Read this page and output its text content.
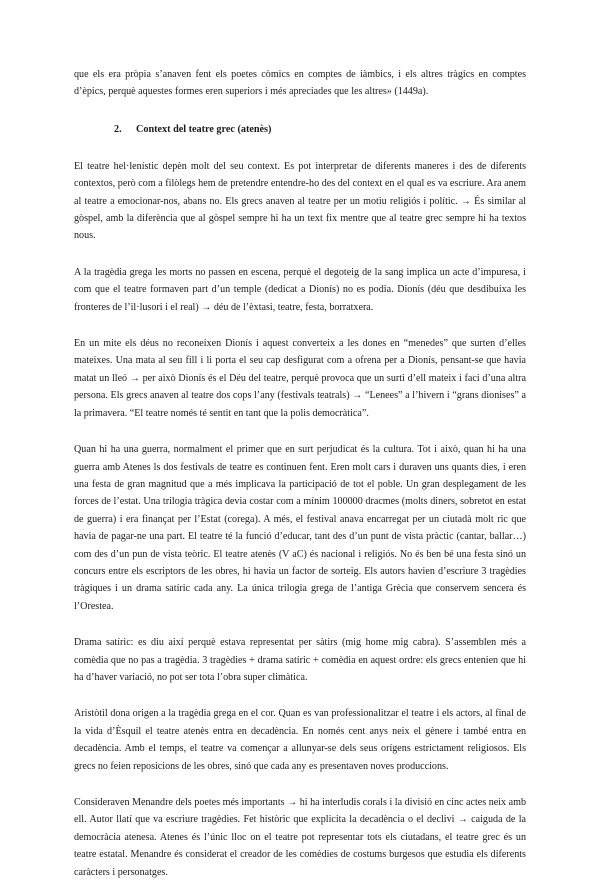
que els era pròpia s’anaven fent els poetes còmics en comptes de iàmbics, i els altres tràgics en comptes d’èpics, perquè aquestes formes eren superiors i més apreciades que les altres» (1449a).

2. Context del teatre grec (atenès)

El teatre hel·lenístic depèn molt del seu context. Es pot interpretar de diferents maneres i des de diferents contextos, però com a filòlegs hem de pretendre entendre-ho des del context en el qual es va escriure. Ara anem al teatre a emocionar-nos, abans no. Els grecs anaven al teatre per un motiu religiós i polític. → És similar al gòspel, amb la diferència que al gòspel sempre hi ha un text fix mentre que al teatre grec sempre hi ha textos nous.

A la tragèdia grega les morts no passen en escena, perquè el degoteig de la sang implica un acte d’impuresa, i com que el teatre formaven part d’un temple (dedicat a Dionís) no es podia. Dionís (déu que desdibuixa les fronteres de l’il·lusori i el real) → déu de l’èxtasi, teatre, festa, borratxera.

En un mite els déus no reconeixen Dionís i aquest converteix a les dones en “menedes” que surten d’elles mateixes. Una mata al seu fill i li porta el seu cap desfigurat com a ofrena per a Dionís, pensant-se que havia matat un lleó → per això Dionís és el Déu del teatre, perquè provoca que un surti d’ell mateix i faci d’una altra persona. Els grecs anaven al teatre dos cops l’any (festivals teatrals) → “Lenees” a l’hivern i “grans dionises” a la primavera. “El teatre només té sentit en tant que la polis democràtica”.

Quan hi ha una guerra, normalment el primer que en surt perjudicat és la cultura. Tot i això, quan hi ha una guerra amb Atenes ls dos festivals de teatre es continuen fent. Eren molt cars i duraven uns quants dies, i eren una festa de gran magnitud que a més implicava la participació de tot el poble. Un gran desplegament de les forces de l’estat. Una trilogia tràgica devia costar com a mínim 100000 dracmes (molts diners, sobretot en estat de guerra) i era finançat per l’Estat (corega). A més, el festival anava encarregat per un ciutadà molt ric que havia de pagar-ne una part. El teatre té la funció d’educar, tant des d’un punt de vista pràctic (cantar, ballar…) com des d’un pun de vista teòric. El teatre atenès (V aC) és nacional i religiós. No és ben bé una festa sinó un concurs entre els escriptors de les obres, hi havia un factor de sorteig. Els autors havien d’escriure 3 tragèdies tràgiques i un drama satíric cada any. La única trilogia grega de l’antiga Grècia que conservem sencera és l’Orestea.

Drama satíric: es diu així perquè estava representat per sàtirs (mig home mig cabra). S’assemblen més a comèdia que no pas a tragèdia. 3 tragèdies + drama satíric + comèdia en aquest ordre: els grecs entenien que hi ha d’haver variació, no pot ser tota l’obra super climàtica.

Aristòtil dona origen a la tragèdia grega en el cor. Quan es van professionalitzar el teatre i els actors, al final de la vida d’Èsquil el teatre atenès entra en decadència. En només cent anys neix el gènere i també entra en decadència. Amb el temps, el teatre va començar a allunyar-se dels seus orígens estrictament religiosos. Els grecs no feien reposicions de les obres, sinó que cada any es presentaven noves produccions.

Consideraven Menandre dels poetes més importants → hi ha interludis corals i la divisió en cinc actes neix amb ell. Autor llatí que va escriure tragèdies. Fet històric que explicita la decadència o el declivi → caiguda de la democràcia atenesa. Atenes és l’únic lloc on el teatre pot representar tots els ciutadans, el teatre grec és un teatre estatal. Menandre és considerat el creador de les comèdies de costums burgesos que estudia els diferents caràcters i personatges.
